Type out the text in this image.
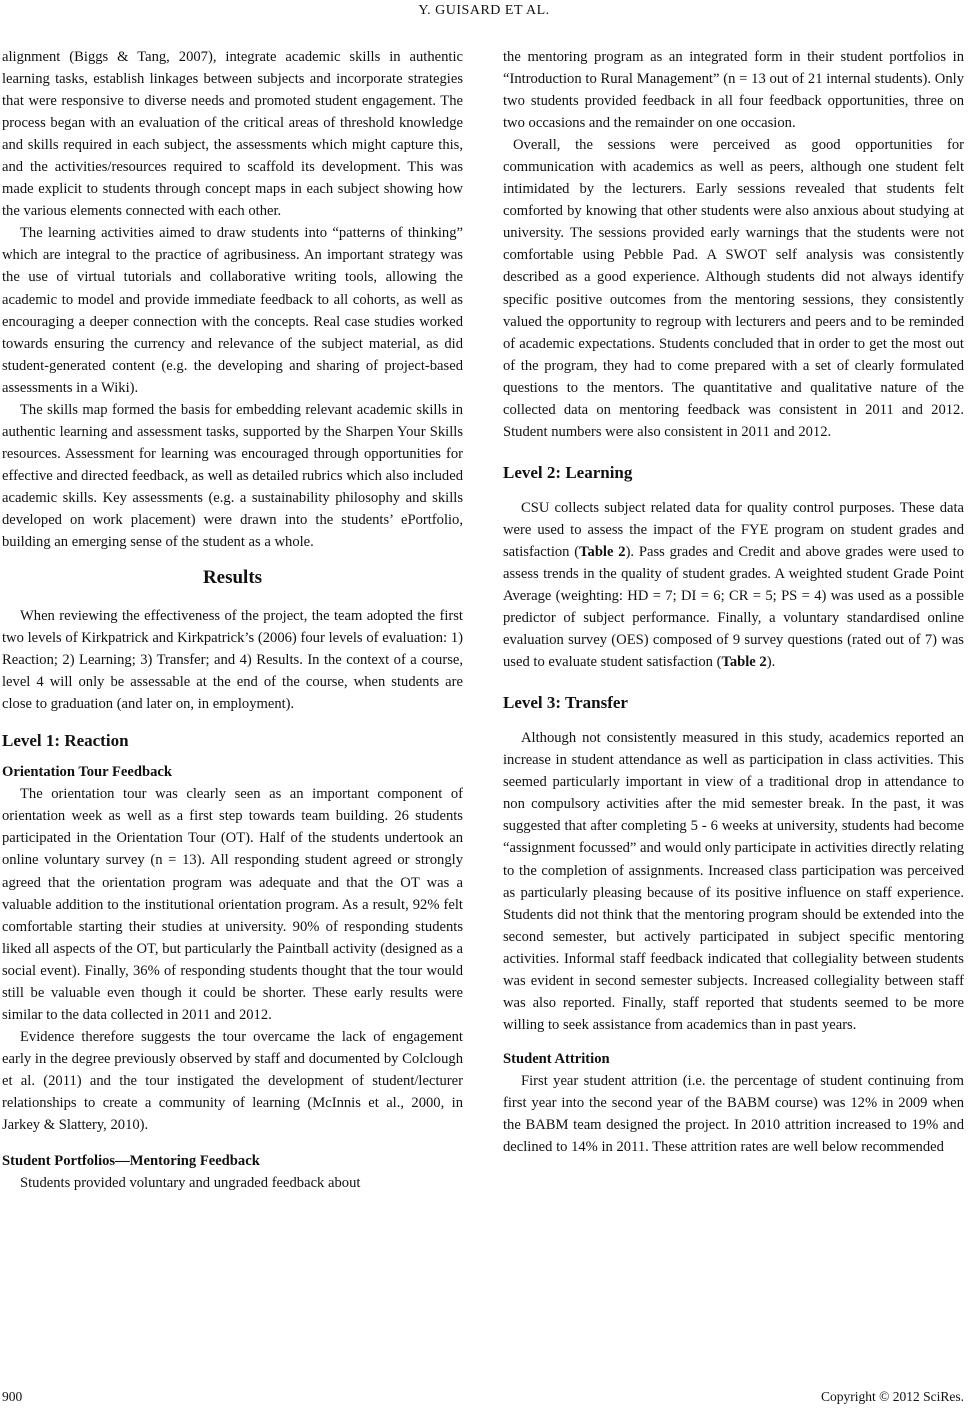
Y. GUISARD ET AL.

alignment (Biggs & Tang, 2007), integrate academic skills in authentic learning tasks, establish linkages between subjects and incorporate strategies that were responsive to diverse needs and promoted student engagement. The process began with an evaluation of the critical areas of threshold knowledge and skills required in each subject, the assessments which might capture this, and the activities/resources required to scaffold its development. This was made explicit to students through concept maps in each subject showing how the various elements connected with each other.

The learning activities aimed to draw students into “patterns of thinking” which are integral to the practice of agribusiness. An important strategy was the use of virtual tutorials and collaborative writing tools, allowing the academic to model and provide immediate feedback to all cohorts, as well as encouraging a deeper connection with the concepts. Real case studies worked towards ensuring the currency and relevance of the subject material, as did student-generated content (e.g. the developing and sharing of project-based assessments in a Wiki).

The skills map formed the basis for embedding relevant academic skills in authentic learning and assessment tasks, supported by the Sharpen Your Skills resources. Assessment for learning was encouraged through opportunities for effective and directed feedback, as well as detailed rubrics which also included academic skills. Key assessments (e.g. a sustainability philosophy and skills developed on work placement) were drawn into the students’ ePortfolio, building an emerging sense of the student as a whole.

Results

When reviewing the effectiveness of the project, the team adopted the first two levels of Kirkpatrick and Kirkpatrick’s (2006) four levels of evaluation: 1) Reaction; 2) Learning; 3) Transfer; and 4) Results. In the context of a course, level 4 will only be assessable at the end of the course, when students are close to graduation (and later on, in employment).

Level 1: Reaction
Orientation Tour Feedback

The orientation tour was clearly seen as an important component of orientation week as well as a first step towards team building. 26 students participated in the Orientation Tour (OT). Half of the students undertook an online voluntary survey (n = 13). All responding student agreed or strongly agreed that the orientation program was adequate and that the OT was a valuable addition to the institutional orientation program. As a result, 92% felt comfortable starting their studies at university. 90% of responding students liked all aspects of the OT, but particularly the Paintball activity (designed as a social event). Finally, 36% of responding students thought that the tour would still be valuable even though it could be shorter. These early results were similar to the data collected in 2011 and 2012.

Evidence therefore suggests the tour overcame the lack of engagement early in the degree previously observed by staff and documented by Colclough et al. (2011) and the tour instigated the development of student/lecturer relationships to create a community of learning (McInnis et al., 2000, in Jarkey & Slattery, 2010).

Student Portfolios—Mentoring Feedback

Students provided voluntary and ungraded feedback about

the mentoring program as an integrated form in their student portfolios in “Introduction to Rural Management” (n = 13 out of 21 internal students). Only two students provided feedback in all four feedback opportunities, three on two occasions and the remainder on one occasion.

Overall, the sessions were perceived as good opportunities for communication with academics as well as peers, although one student felt intimidated by the lecturers. Early sessions revealed that students felt comforted by knowing that other students were also anxious about studying at university. The sessions provided early warnings that the students were not comfortable using Pebble Pad. A SWOT self analysis was consistently described as a good experience. Although students did not always identify specific positive outcomes from the mentoring sessions, they consistently valued the opportunity to regroup with lecturers and peers and to be reminded of academic expectations. Students concluded that in order to get the most out of the program, they had to come prepared with a set of clearly formulated questions to the mentors. The quantitative and qualitative nature of the collected data on mentoring feedback was consistent in 2011 and 2012. Student numbers were also consistent in 2011 and 2012.

Level 2: Learning

CSU collects subject related data for quality control purposes. These data were used to assess the impact of the FYE program on student grades and satisfaction (Table 2). Pass grades and Credit and above grades were used to assess trends in the quality of student grades. A weighted student Grade Point Average (weighting: HD = 7; DI = 6; CR = 5; PS = 4) was used as a possible predictor of subject performance. Finally, a voluntary standardised online evaluation survey (OES) composed of 9 survey questions (rated out of 7) was used to evaluate student satisfaction (Table 2).

Level 3: Transfer

Although not consistently measured in this study, academics reported an increase in student attendance as well as participation in class activities. This seemed particularly important in view of a traditional drop in attendance to non compulsory activities after the mid semester break. In the past, it was suggested that after completing 5 - 6 weeks at university, students had become “assignment focussed” and would only participate in activities directly relating to the completion of assignments. Increased class participation was perceived as particularly pleasing because of its positive influence on staff experience. Students did not think that the mentoring program should be extended into the second semester, but actively participated in subject specific mentoring activities. Informal staff feedback indicated that collegiality between students was evident in second semester subjects. Increased collegiality between staff was also reported. Finally, staff reported that students seemed to be more willing to seek assistance from academics than in past years.

Student Attrition

First year student attrition (i.e. the percentage of student continuing from first year into the second year of the BABM course) was 12% in 2009 when the BABM team designed the project. In 2010 attrition increased to 19% and declined to 14% in 2011. These attrition rates are well below recommended

900	Copyright © 2012 SciRes.
